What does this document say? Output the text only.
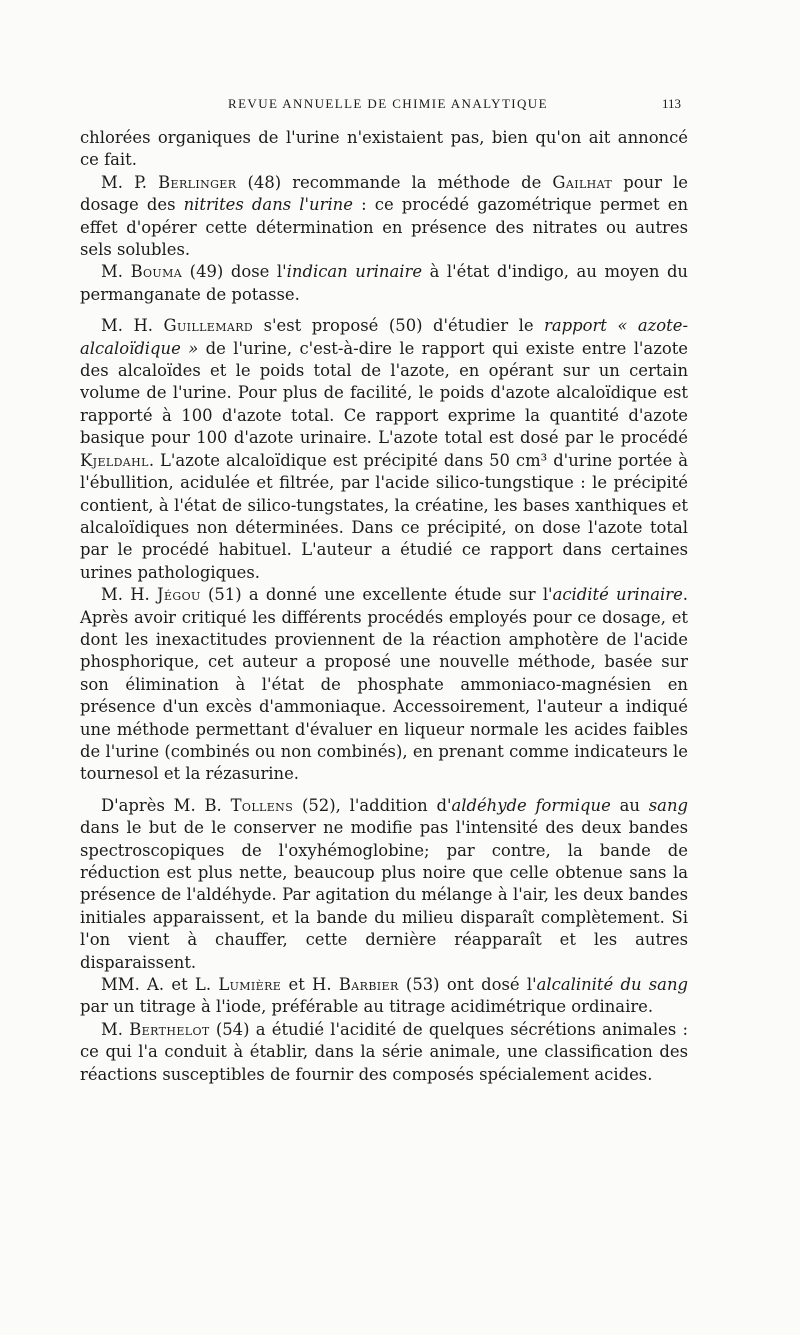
REVUE ANNUELLE DE CHIMIE ANALYTIQUE	113

chlorées organiques de l'urine n'existaient pas, bien qu'on ait annoncé ce fait.

M. P. Berlinger (48) recommande la méthode de Gailhat pour le dosage des nitrites dans l'urine : ce procédé gazométrique permet en effet d'opérer cette détermination en présence des nitrates ou autres sels solubles.

M. Bouma (49) dose l'indican urinaire à l'état d'indigo, au moyen du permanganate de potasse.

M. H. Guillemard s'est proposé (50) d'étudier le rapport « azote-alcaloïdique » de l'urine, c'est-à-dire le rapport qui existe entre l'azote des alcaloïdes et le poids total de l'azote, en opérant sur un certain volume de l'urine. Pour plus de facilité, le poids d'azote alcaloïdique est rapporté à 100 d'azote total. Ce rapport exprime la quantité d'azote basique pour 100 d'azote urinaire. L'azote total est dosé par le procédé Kjeldahl. L'azote alcaloïdique est précipité dans 50 cm³ d'urine portée à l'ébullition, acidulée et filtrée, par l'acide silico-tungstique : le précipité contient, à l'état de silico-tungstates, la créatine, les bases xanthiques et alcaloïdiques non déterminées. Dans ce précipité, on dose l'azote total par le procédé habituel. L'auteur a étudié ce rapport dans certaines urines pathologiques.

M. H. Jégou (51) a donné une excellente étude sur l'acidité urinaire. Après avoir critiqué les différents procédés employés pour ce dosage, et dont les inexactitudes proviennent de la réaction amphotère de l'acide phosphorique, cet auteur a proposé une nouvelle méthode, basée sur son élimination à l'état de phosphate ammoniaco-magnésien en présence d'un excès d'ammoniaque. Accessoirement, l'auteur a indiqué une méthode permettant d'évaluer en liqueur normale les acides faibles de l'urine (combinés ou non combinés), en prenant comme indicateurs le tournesol et la rézasurine.

D'après M. B. Tollens (52), l'addition d'aldéhyde formique au sang dans le but de le conserver ne modifie pas l'intensité des deux bandes spectroscopiques de l'oxyhémoglobine; par contre, la bande de réduction est plus nette, beaucoup plus noire que celle obtenue sans la présence de l'aldéhyde. Par agitation du mélange à l'air, les deux bandes initiales apparaissent, et la bande du milieu disparaît complètement. Si l'on vient à chauffer, cette dernière réapparaît et les autres disparaissent.

MM. A. et L. Lumière et H. Barbier (53) ont dosé l'alcalinité du sang par un titrage à l'iode, préférable au titrage acidimétrique ordinaire.

M. Berthelot (54) a étudié l'acidité de quelques sécrétions animales : ce qui l'a conduit à établir, dans la série animale, une classification des réactions susceptibles de fournir des composés spécialement acides.
